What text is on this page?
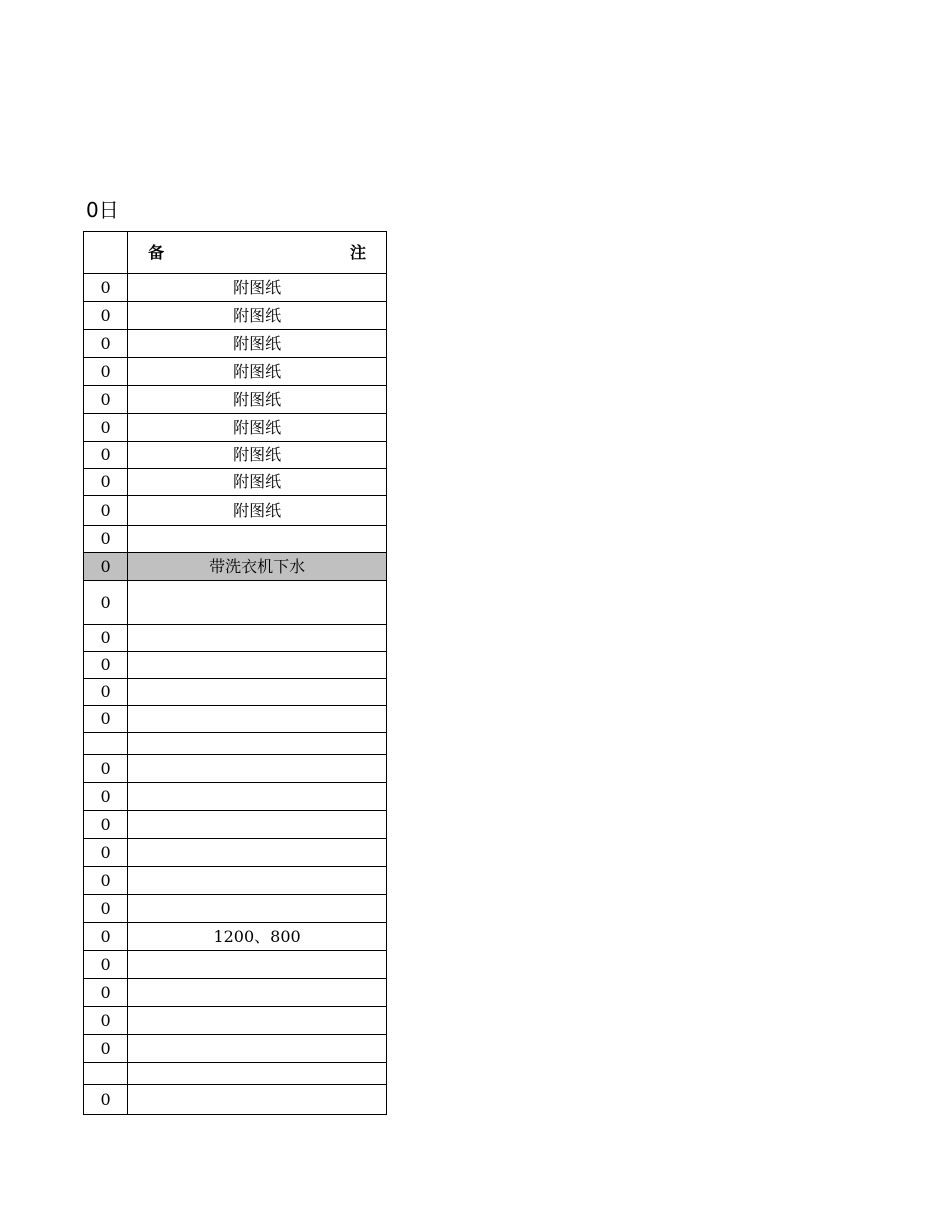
0日

	备 注

0	附图纸
0	附图纸
0	附图纸
0	附图纸
0	附图纸
0	附图纸
0	附图纸
0	附图纸
0	附图纸
0	
0	带洗衣机下水
0	
0	
0	
0	
0	

0	
0	
0	
0	
0	
0	
0	1200、800
0	
0	
0	
0	

0	
